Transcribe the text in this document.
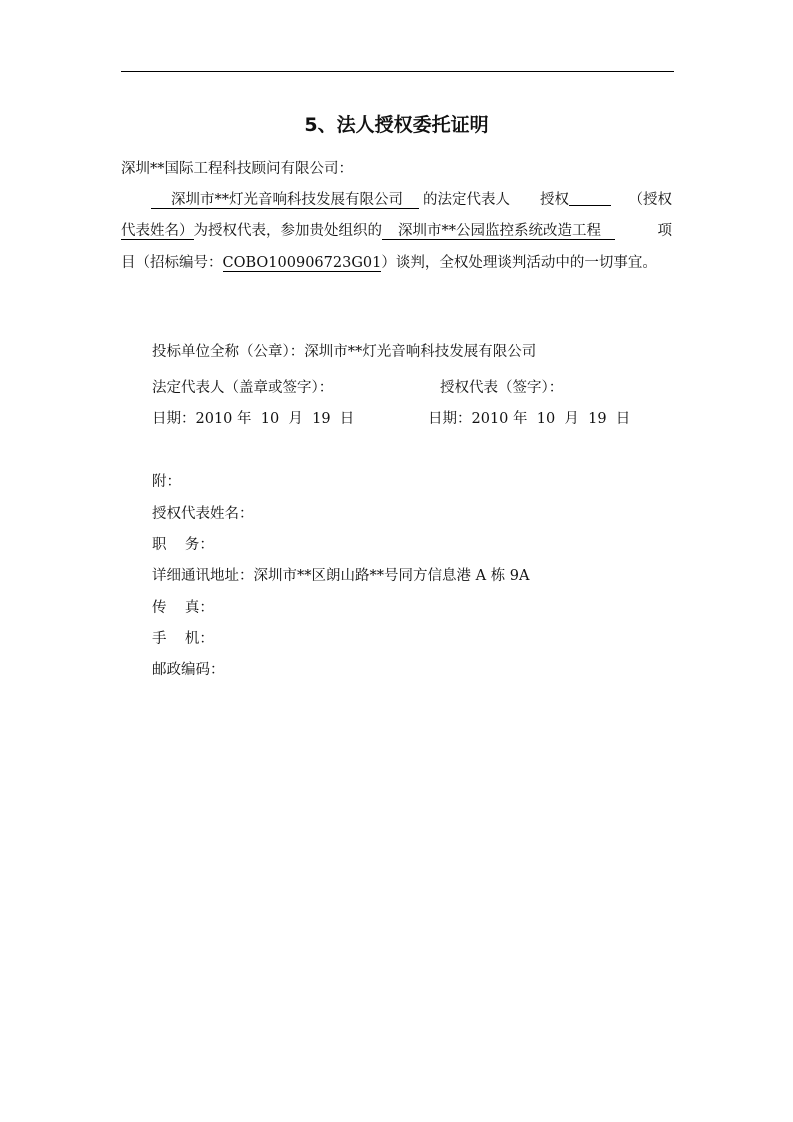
5、法人授权委托证明
深圳**国际工程科技顾问有限公司：
深圳市**灯光音响科技发展有限公司 的法定代表人 授权	（授权
代表姓名）为授权代表，参加贵处组织的 深圳市**公园监控系统改造工程	项
目（招标编号：COBO100906723G01）谈判，全权处理谈判活动中的一切事宜。
投标单位全称（公章）：深圳市**灯光音响科技发展有限公司
法定代表人（盖章或签字）：	授权代表（签字）：
日期：2010 年  10  月  19  日	日期：2010 年  10  月  19  日
附：
授权代表姓名：
职    务：
详细通讯地址：深圳市**区朗山路**号同方信息港 A 栋 9A
传    真：
手    机：
邮政编码：
